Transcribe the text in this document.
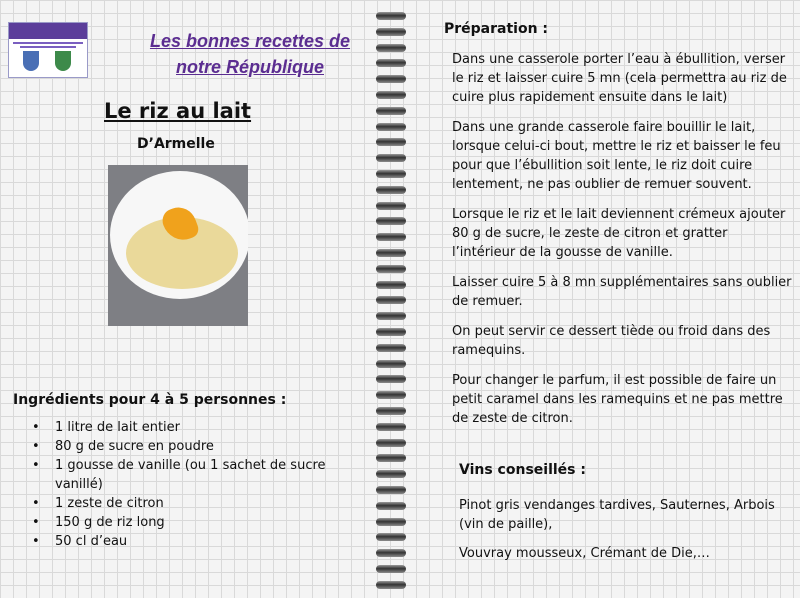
Les bonnes recettes de
notre République
Le riz au lait
D’Armelle
Ingrédients pour 4 à 5 personnes :
• 1 litre de lait entier
• 80 g de sucre en poudre
• 1 gousse de vanille (ou 1 sachet de sucre vanillé)
• 1 zeste de citron
• 150 g de riz long
• 50 cl d’eau
Préparation :

Dans une casserole porter l’eau à ébullition, verser le riz et laisser cuire 5 mn (cela permettra au riz de cuire plus rapidement ensuite dans le lait)

Dans une grande casserole faire bouillir le lait, lorsque celui-ci bout, mettre le riz et baisser le feu pour que l’ébullition soit lente, le riz doit cuire lentement, ne pas oublier de remuer souvent.

Lorsque le riz et le lait deviennent crémeux ajouter 80 g de sucre, le zeste de citron et gratter l’intérieur de la gousse de vanille.

Laisser cuire 5 à 8 mn supplémentaires sans oublier de remuer.

On peut servir ce dessert tiède ou froid dans des ramequins.

Pour changer le parfum, il est possible de faire un petit caramel dans les ramequins et ne pas mettre de zeste de citron.

Vins conseillés :

Pinot gris vendanges tardives, Sauternes, Arbois (vin de paille),

Vouvray mousseux, Crémant de Die,…
